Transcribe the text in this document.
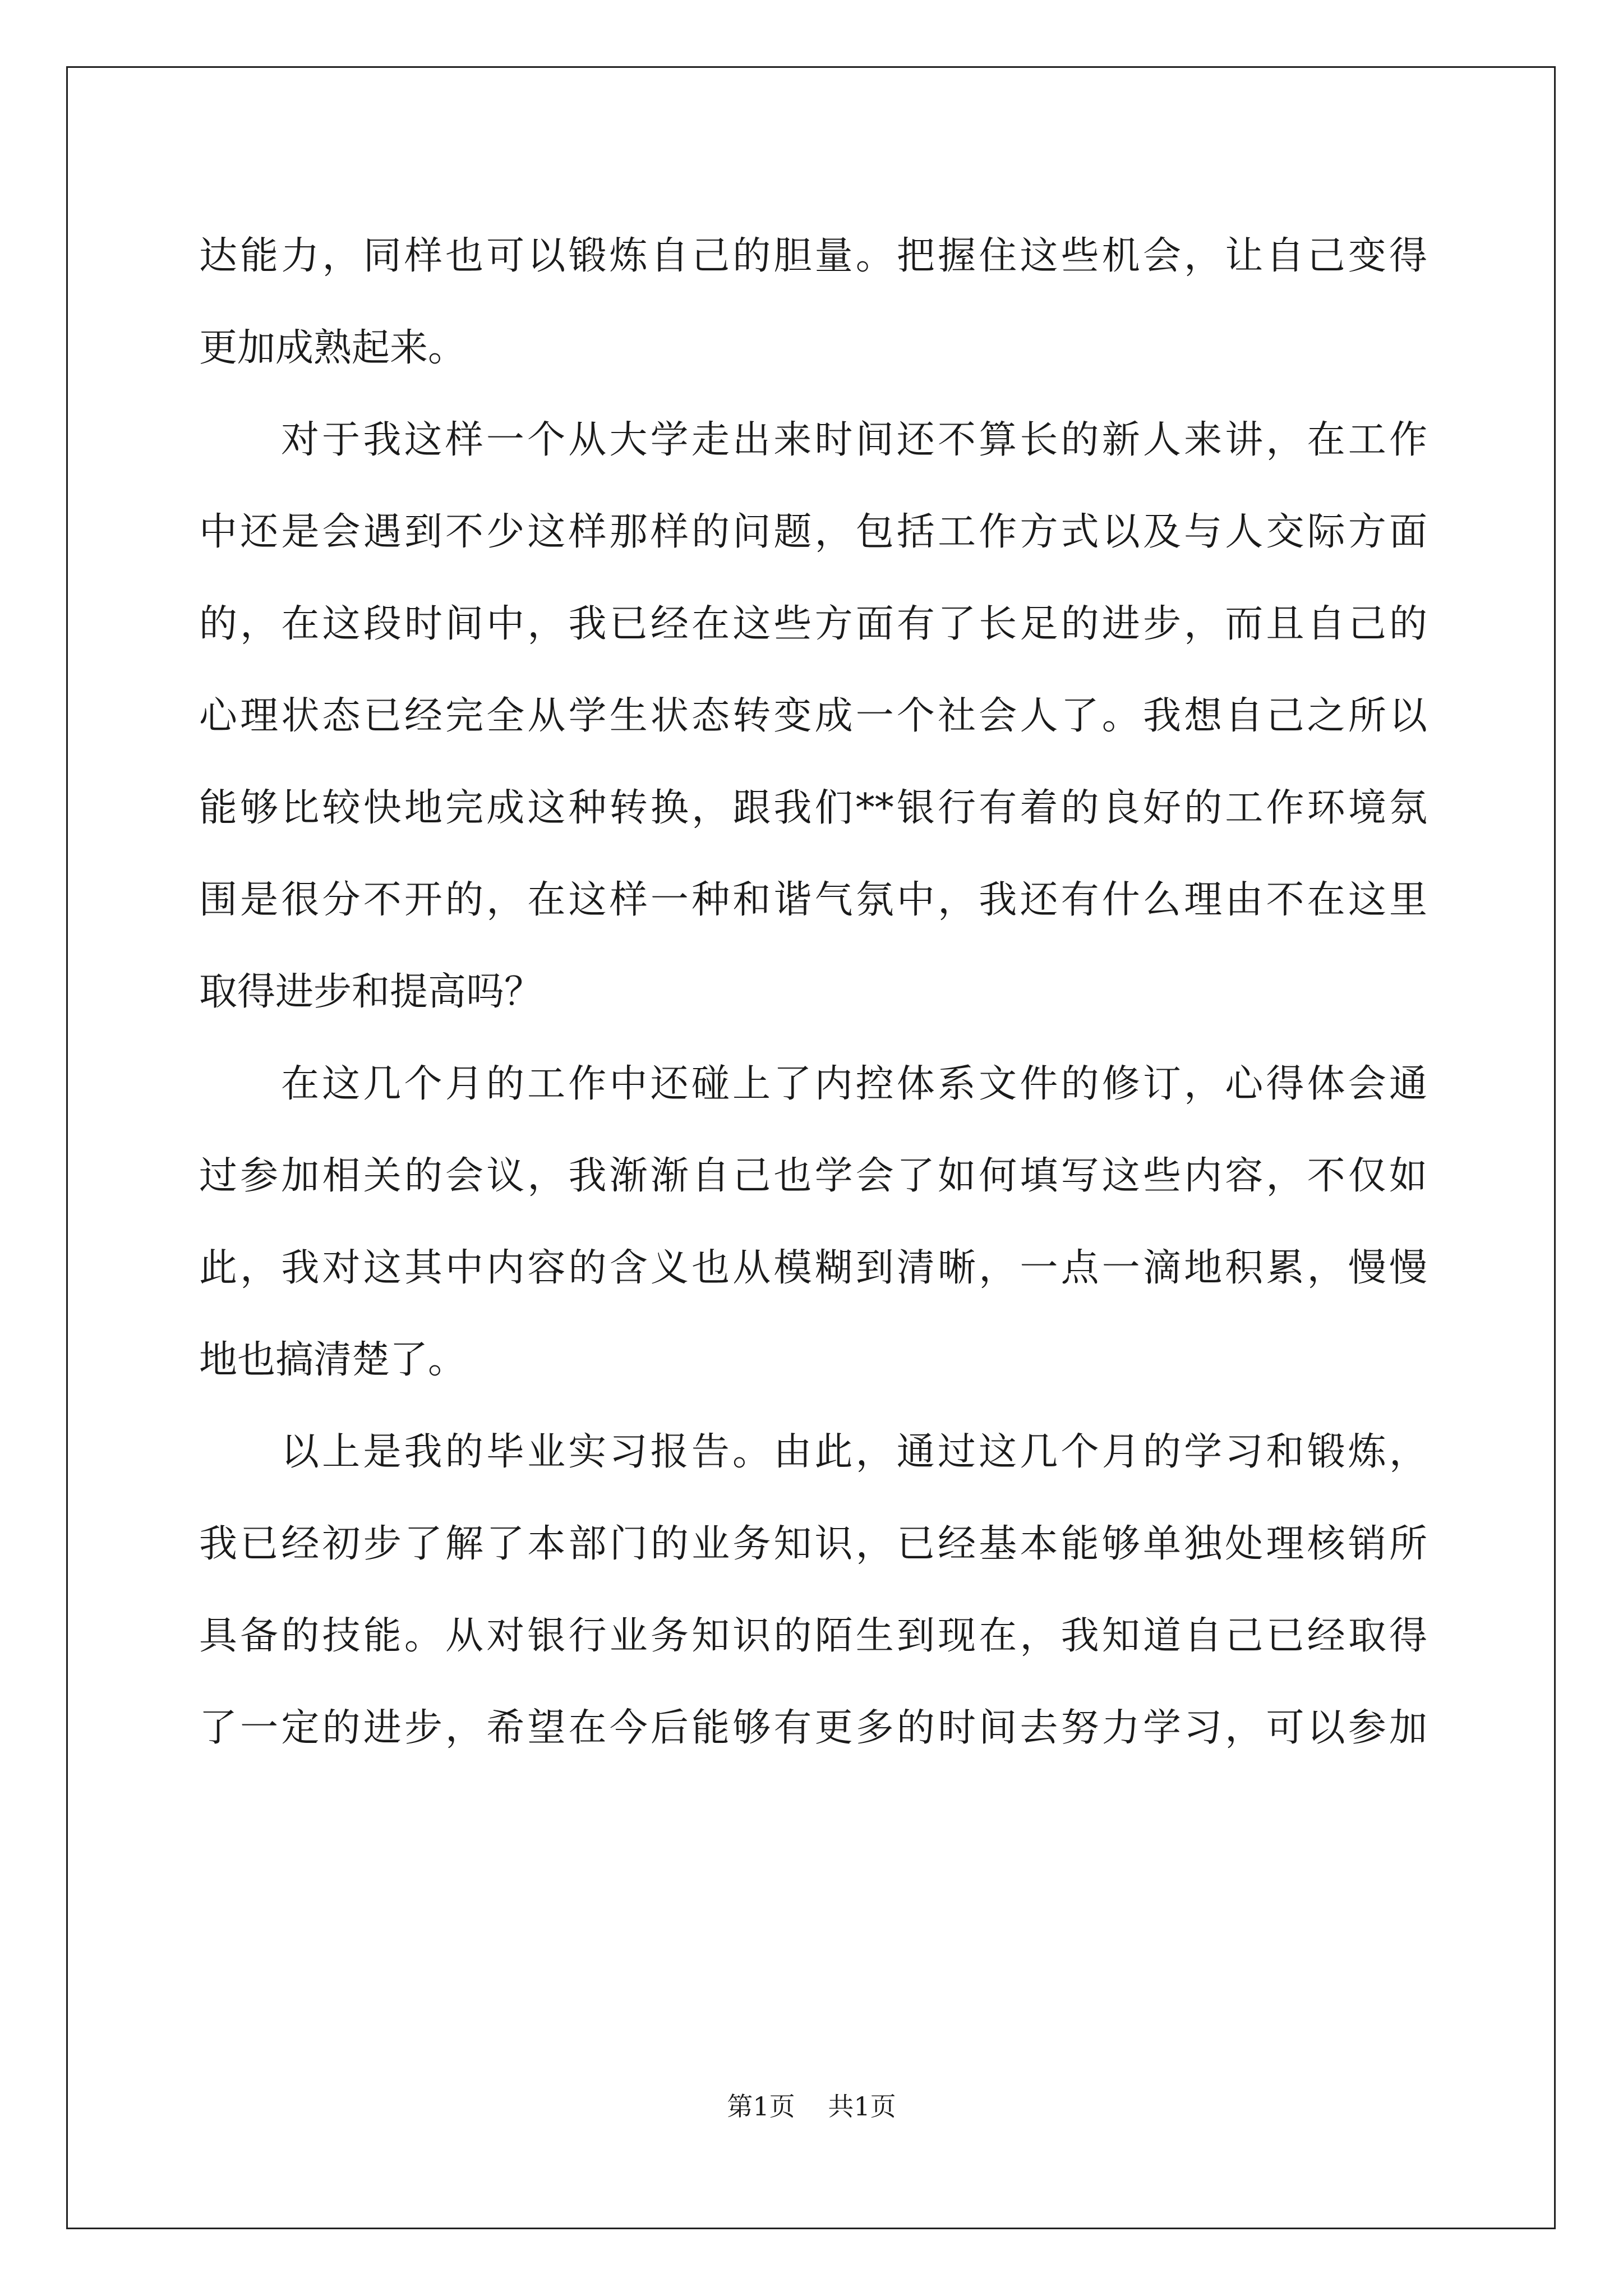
达能力，同样也可以锻炼自己的胆量。把握住这些机会，让自己变得
更加成熟起来。
对于我这样一个从大学走出来时间还不算长的新人来讲，在工作
中还是会遇到不少这样那样的问题，包括工作方式以及与人交际方面
的，在这段时间中，我已经在这些方面有了长足的进步，而且自己的
心理状态已经完全从学生状态转变成一个社会人了。我想自己之所以
能够比较快地完成这种转换，跟我们**银行有着的良好的工作环境氛
围是很分不开的，在这样一种和谐气氛中，我还有什么理由不在这里
取得进步和提高吗？
在这几个月的工作中还碰上了内控体系文件的修订，心得体会通
过参加相关的会议，我渐渐自己也学会了如何填写这些内容，不仅如
此，我对这其中内容的含义也从模糊到清晰，一点一滴地积累，慢慢
地也搞清楚了。
以上是我的毕业实习报告。由此，通过这几个月的学习和锻炼，
我已经初步了解了本部门的业务知识，已经基本能够单独处理核销所
具备的技能。从对银行业务知识的陌生到现在，我知道自己已经取得
了一定的进步，希望在今后能够有更多的时间去努力学习，可以参加
第1页 共1页
